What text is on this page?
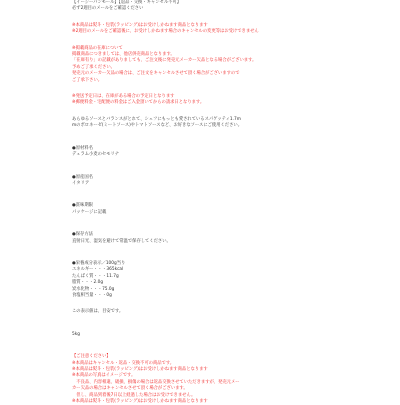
【イージーパンモール】【返品・交換・キャンセル不可】
必ず2週目のメールをご確認ください
※本商品は熨斗・包装(ラッピング)はお受けしかねます商品となります
※2週目のメールをご確認後に、お受けしかねます場合のキャンセルの変更等はお受けできません
※掲載商品の在庫について
掲載商品につきましては、他店併売商品となります。
「在庫有り」の記載がありましても、ご注文後に発売元メーカー欠品となる場合がございます。
予めご了承ください。
発売元のメーカー欠品の場合は、ご注文をキャンセルさせて頂く場合がございますので
ご了承下さい。
※発送予定日は、在庫がある場合の予定日となります
※郵便料金・宅配便の料金はご入金頂いてからの請求日となります。
あらゆるソースとバランスがとれて、シェフにもっとも愛されているスパゲッティ1.7m
mのボロネーゼ(ミートソース)やトマトソースなど、お好きなソースにご使用ください。
●原材料名
デュラム小麦のセモリナ
●原産国名
イタリア
●賞味期限
パッケージに記載
●保存方法
直射日光、湿気を避けて常温で保存してください。
●栄養成分表示／100g当り
エネルギー・・・365kcal
たんぱく質・・・11.7g
脂質・・・2.0g
炭水化物・・・75.0g
食塩相当量・・・0g
この表示値は、目安です。
5kg
【ご注意ください】
※本商品はキャンセル・返品・交換不可の商品です。
※本商品は熨斗・包装(ラッピング)はお受けしかねます商品となります
※本商品の写真はイメージです。
　不良品、内容相違、破損、損傷の場合は返品交換させていただきますが、発売元メー
カー欠品の場合はキャンセルさせて頂く場合がございます。
　但し、商品到着後7日以上経過した場合はお受けできません。
※本商品は熨斗・包装(ラッピング)はお受けしかねます商品となります
